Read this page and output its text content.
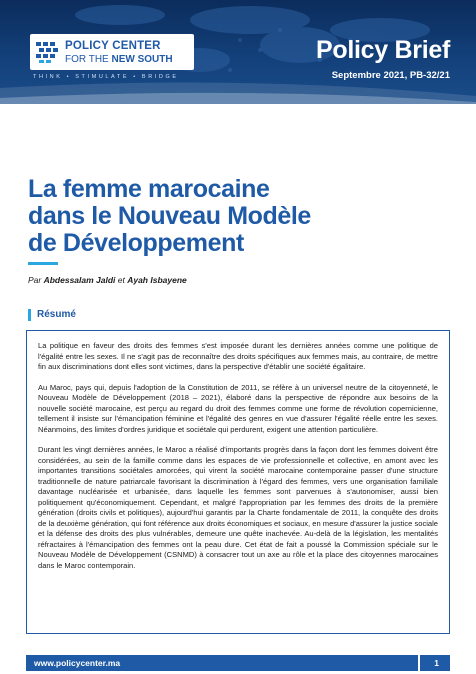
POLICY CENTER
FOR THE NEW SOUTH
THINK • STIMULATE • BRIDGE
Policy Brief
Septembre 2021, PB-32/21
La femme marocaine
dans le Nouveau Modèle
de Développement
Par Abdessalam Jaldi et Ayah Isbayene
Résumé

La politique en faveur des droits des femmes s'est imposée durant les dernières années comme une politique de l'égalité entre les sexes. Il ne s'agit pas de reconnaître des droits spécifiques aux femmes mais, au contraire, de mettre fin aux discriminations dont elles sont victimes, dans la perspective d'établir une société égalitaire.

Au Maroc, pays qui, depuis l'adoption de la Constitution de 2011, se réfère à un universel neutre de la citoyenneté, le Nouveau Modèle de Développement (2018 – 2021), élaboré dans la perspective de répondre aux besoins de la nouvelle société marocaine, est perçu au regard du droit des femmes comme une forme de révolution copernicienne, tellement il insiste sur l'émancipation féminine et l'égalité des genres en vue d'assurer l'égalité réelle entre les sexes. Néanmoins, des limites d'ordres juridique et sociétale qui perdurent, exigent une attention particulière.

Durant les vingt dernières années, le Maroc a réalisé d'importants progrès dans la façon dont les femmes doivent être considérées, au sein de la famille comme dans les espaces de vie professionnelle et collective, en amont avec les importantes transitions sociétales amorcées, qui virent la société marocaine contemporaine passer d'une structure traditionnelle de nature patriarcale favorisant la discrimination à l'égard des femmes, vers une organisation familiale davantage nucléarisée et urbanisée, dans laquelle les femmes sont parvenues à s'autonomiser, aussi bien politiquement qu'économiquement. Cependant, et malgré l'appropriation par les femmes des droits de la première génération (droits civils et politiques), aujourd'hui garantis par la Charte fondamentale de 2011, la conquête des droits de la deuxième génération, qui font référence aux droits économiques et sociaux, en mesure d'assurer la justice sociale et la défense des droits des plus vulnérables, demeure une quête inachevée. Au-delà de la législation, les mentalités réfractaires à l'émancipation des femmes ont la peau dure. Cet état de fait a poussé la Commission spéciale sur le Nouveau Modèle de Développement (CSNMD) à consacrer tout un axe au rôle et la place des citoyennes marocaines dans le Maroc contemporain.

www.policycenter.ma	1
